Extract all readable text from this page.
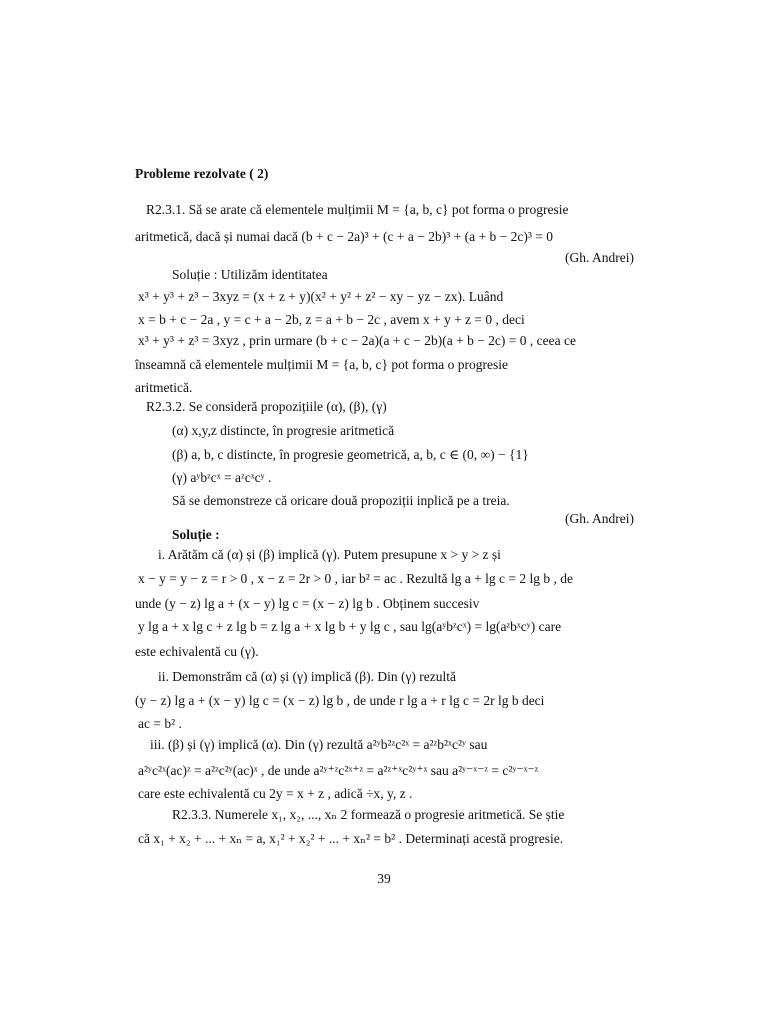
Probleme rezolvate ( 2)
R2.3.1. Să se arate că elementele mulțimii M = {a, b, c} pot forma o progresie
aritmetică, dacă și numai dacă (b + c − 2a)³ + (c + a − 2b)³ + (a + b − 2c)³ = 0
(Gh. Andrei)
Soluție : Utilizăm identitatea
x³ + y³ + z³ − 3xyz = (x + z + y)(x² + y² + z² − xy − yz − zx). Luând
x = b + c − 2a , y = c + a − 2b, z = a + b − 2c , avem x + y + z = 0 , deci
x³ + y³ + z³ = 3xyz , prin urmare (b + c − 2a)(a + c − 2b)(a + b − 2c) = 0 , ceea ce
înseamnă că elementele mulțimii M = {a, b, c} pot forma o progresie
aritmetică.
R2.3.2. Se consideră propozițiile (α), (β), (γ)
(α) x,y,z distincte, în progresie aritmetică
(β) a, b, c distincte, în progresie geometrică, a, b, c ∈ (0, ∞) − {1}
(γ) aʸbᶻcˣ = aᶻcˣcʸ .
Să se demonstreze că oricare două propoziții inplică pe a treia.
(Gh. Andrei)
Soluție :
i. Arătăm că (α) și (β) implică (γ). Putem presupune x > y > z și
x − y = y − z = r > 0 , x − z = 2r > 0 , iar b² = ac . Rezultă lg a + lg c = 2 lg b , de
unde (y − z) lg a + (x − y) lg c = (x − z) lg b . Obținem succesiv
y lg a + x lg c + z lg b = z lg a + x lg b + y lg c , sau lg(aʸbᶻcˣ) = lg(aᶻbˣcʸ) care
este echivalentă cu (γ).
ii. Demonstrăm că (α) și (γ) implică (β). Din (γ) rezultă
(y − z) lg a + (x − y) lg c = (x − z) lg b , de unde r lg a + r lg c = 2r lg b deci
ac = b² .
iii. (β) și (γ) implică (α). Din (γ) rezultă a²ʸb²ᶻc²ˣ = a²ᶻb²ˣc²ʸ sau
a²ʸc²ˣ(ac)ᶻ = a²ᶻc²ʸ(ac)ˣ , de unde a²ʸ⁺ᶻc²ˣ⁺ᶻ = a²ᶻ⁺ˣc²ʸ⁺ˣ sau a²ʸ⁻ˣ⁻ᶻ = c²ʸ⁻ˣ⁻ᶻ
care este echivalentă cu 2y = x + z , adică ÷x, y, z .
R2.3.3. Numerele x₁, x₂, ..., xₙ 2 formează o progresie aritmetică. Se știe
că x₁ + x₂ + ... + xₙ = a, x₁² + x₂² + ... + xₙ² = b² . Determinați acestă progresie.
39
